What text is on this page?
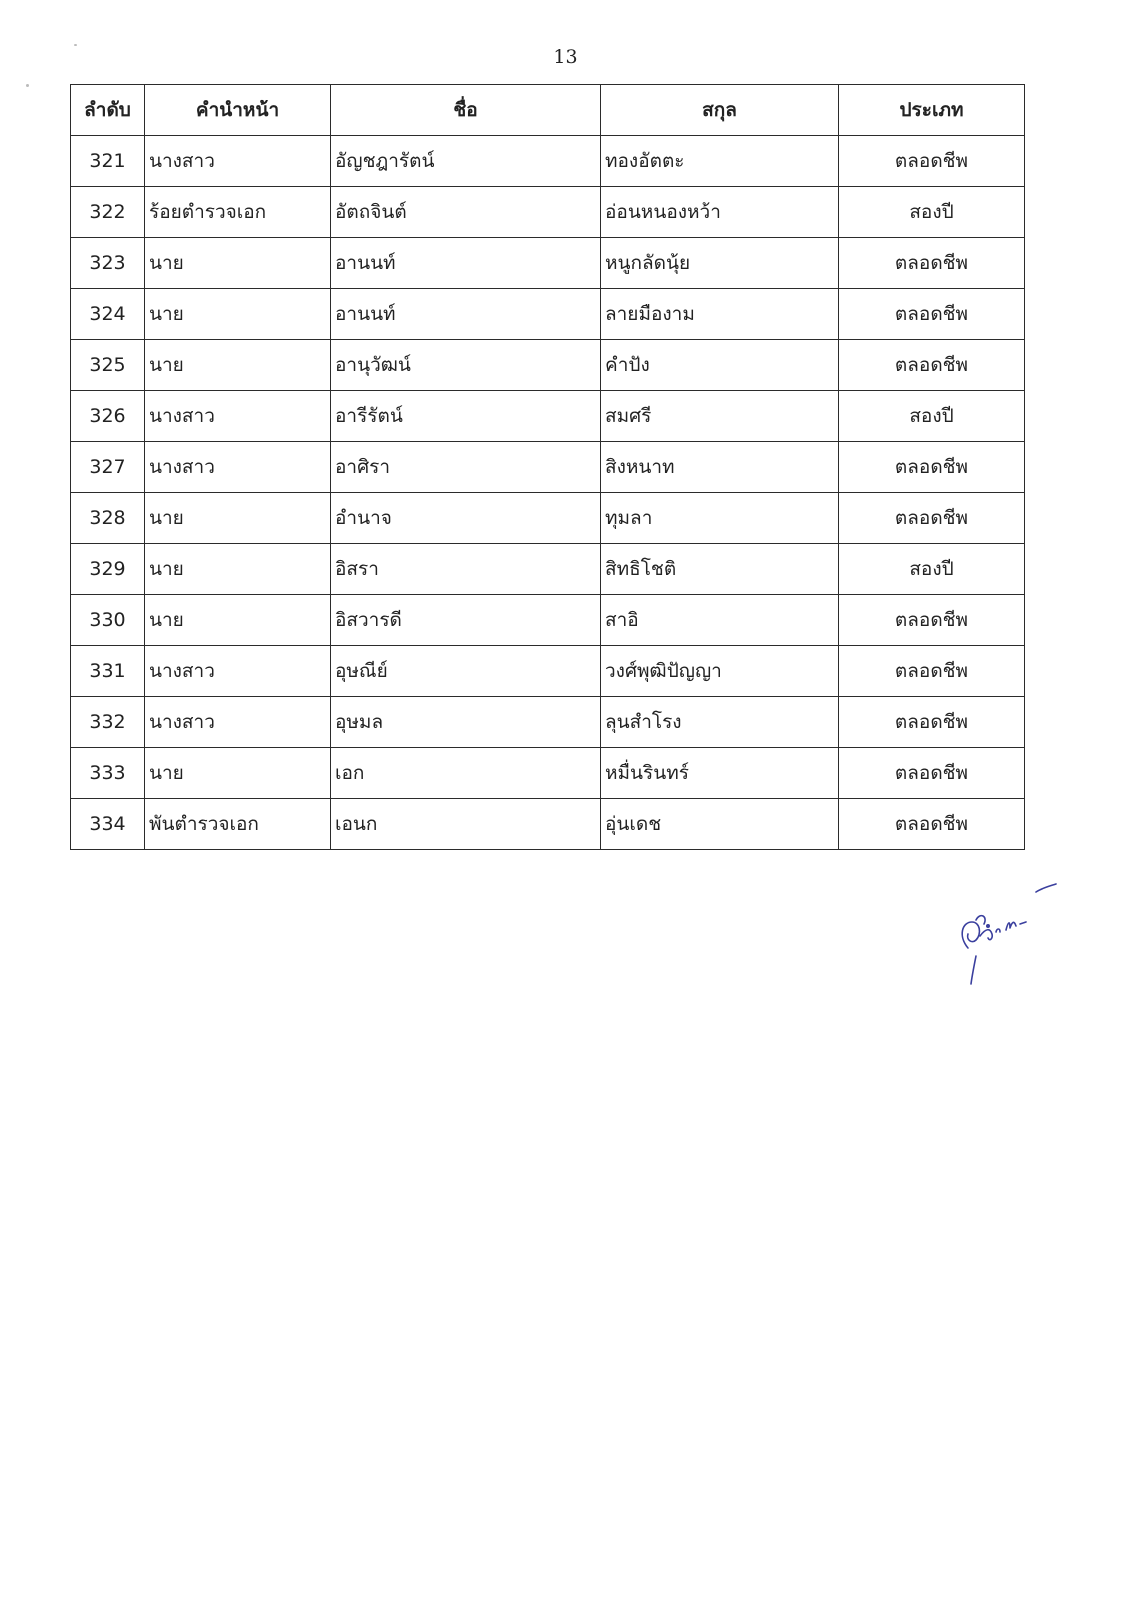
13
ลำดับ	คำนำหน้า	ชื่อ	สกุล	ประเภท
321	นางสาว	อัญชฎารัตน์	ทองอัตตะ	ตลอดชีพ
322	ร้อยตำรวจเอก	อัตถจินต์	อ่อนหนองหว้า	สองปี
323	นาย	อานนท์	หนูกลัดนุ้ย	ตลอดชีพ
324	นาย	อานนท์	ลายมืองาม	ตลอดชีพ
325	นาย	อานุวัฒน์	คำปัง	ตลอดชีพ
326	นางสาว	อารีรัตน์	สมศรี	สองปี
327	นางสาว	อาศิรา	สิงหนาท	ตลอดชีพ
328	นาย	อำนาจ	ทุมลา	ตลอดชีพ
329	นาย	อิสรา	สิทธิโชติ	สองปี
330	นาย	อิสวารดี	สาอิ	ตลอดชีพ
331	นางสาว	อุษณีย์	วงศ์พุฒิปัญญา	ตลอดชีพ
332	นางสาว	อุษมล	ลุนสำโรง	ตลอดชีพ
333	นาย	เอก	หมื่นรินทร์	ตลอดชีพ
334	พันตำรวจเอก	เอนก	อุ่นเดช	ตลอดชีพ
